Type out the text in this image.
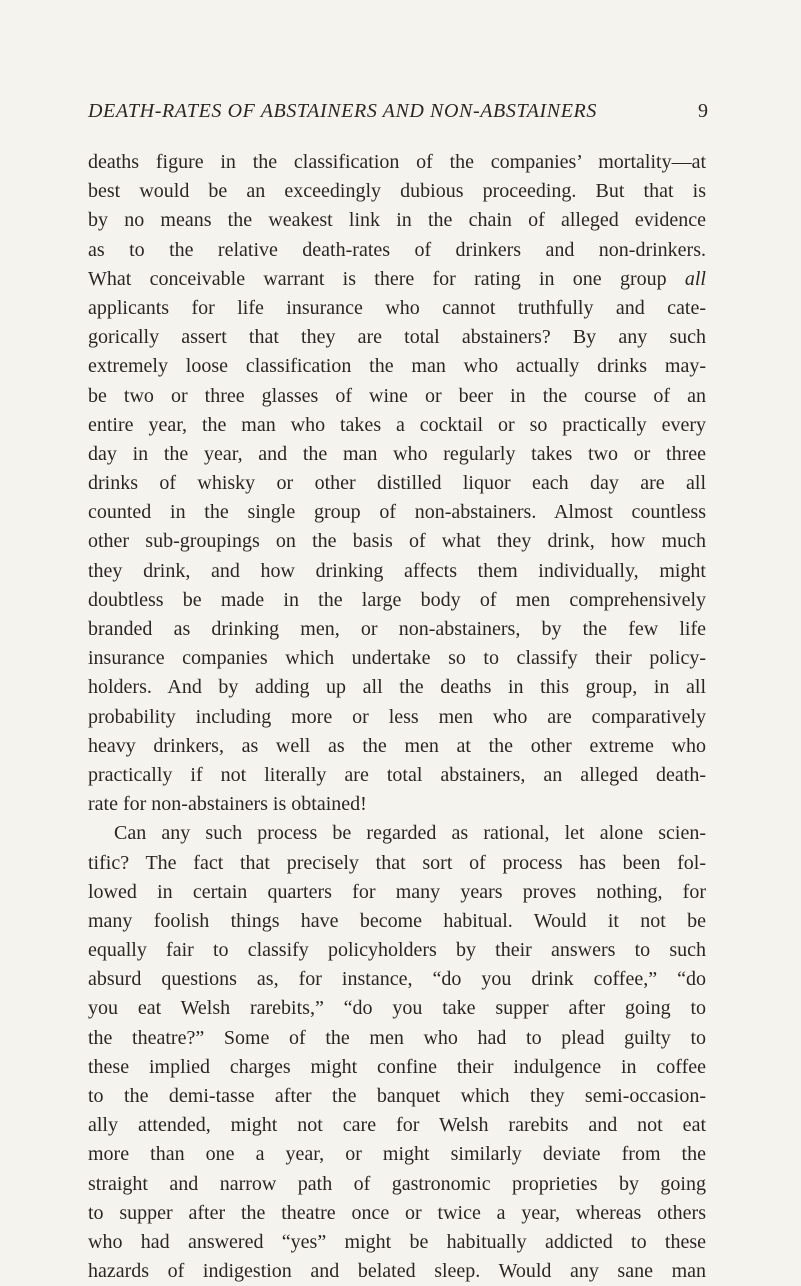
DEATH-RATES OF ABSTAINERS AND NON-ABSTAINERS	9
deaths figure in the classification of the companies’ mortality—at
best would be an exceedingly dubious proceeding. But that is
by no means the weakest link in the chain of alleged evidence
as to the relative death-rates of drinkers and non-drinkers.
What conceivable warrant is there for rating in one group all
applicants for life insurance who cannot truthfully and cate-
gorically assert that they are total abstainers? By any such
extremely loose classification the man who actually drinks may-
be two or three glasses of wine or beer in the course of an
entire year, the man who takes a cocktail or so practically every
day in the year, and the man who regularly takes two or three
drinks of whisky or other distilled liquor each day are all
counted in the single group of non-abstainers. Almost countless
other sub-groupings on the basis of what they drink, how much
they drink, and how drinking affects them individually, might
doubtless be made in the large body of men comprehensively
branded as drinking men, or non-abstainers, by the few life
insurance companies which undertake so to classify their policy-
holders. And by adding up all the deaths in this group, in all
probability including more or less men who are comparatively
heavy drinkers, as well as the men at the other extreme who
practically if not literally are total abstainers, an alleged death-
rate for non-abstainers is obtained!
Can any such process be regarded as rational, let alone scien-
tific? The fact that precisely that sort of process has been fol-
lowed in certain quarters for many years proves nothing, for
many foolish things have become habitual. Would it not be
equally fair to classify policyholders by their answers to such
absurd questions as, for instance, “do you drink coffee,” “do
you eat Welsh rarebits,” “do you take supper after going to
the theatre?” Some of the men who had to plead guilty to
these implied charges might confine their indulgence in coffee
to the demi-tasse after the banquet which they semi-occasion-
ally attended, might not care for Welsh rarebits and not eat
more than one a year, or might similarly deviate from the
straight and narrow path of gastronomic proprieties by going
to supper after the theatre once or twice a year, whereas others
who had answered “yes” might be habitually addicted to these
hazards of indigestion and belated sleep. Would any sane man
